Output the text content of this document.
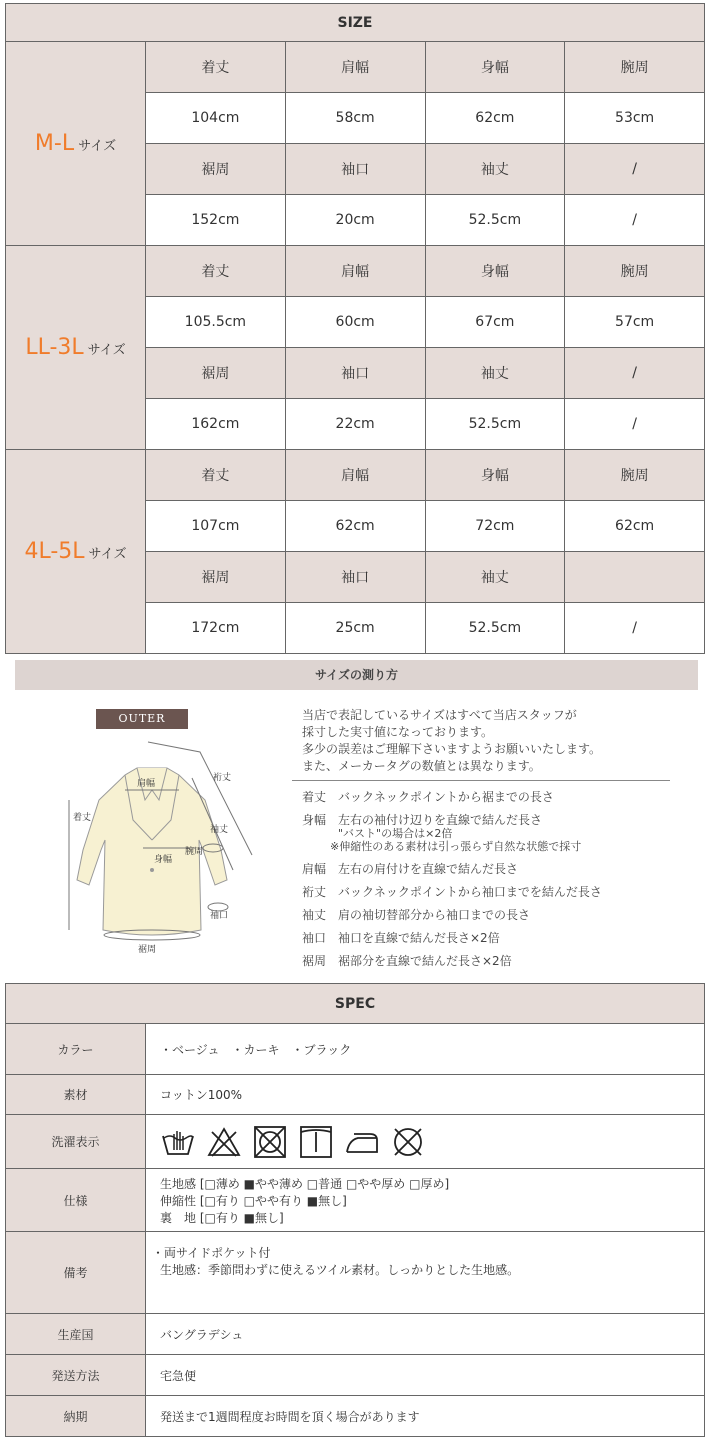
SIZE				
M-L サイズ	着丈	肩幅	身幅	腕周
	104cm	58cm	62cm	53cm
	裾周	袖口	袖丈	/
	152cm	20cm	52.5cm	/
LL-3L サイズ	着丈	肩幅	身幅	腕周
	105.5cm	60cm	67cm	57cm
	裾周	袖口	袖丈	/
	162cm	22cm	52.5cm	/
4L-5L サイズ	着丈	肩幅	身幅	腕周
	107cm	62cm	72cm	62cm
	裾周	袖口	袖丈	
	172cm	25cm	52.5cm	/
サイズの測り方
OUTER
着丈
肩幅
裄丈
袖丈
腕周
身幅
袖口
裾周
当店で表記しているサイズはすべて当店スタッフが
採寸した実寸値になっております。
多少の誤差はご理解下さいますようお願いいたします。
また、メーカータグの数値とは異なります。
着丈 バックネックポイントから裾までの長さ
身幅 左右の袖付け辺りを直線で結んだ長さ
"バスト"の場合は×2倍
※伸縮性のある素材は引っ張らず自然な状態で採寸
肩幅 左右の肩付けを直線で結んだ長さ
裄丈 バックネックポイントから袖口までを結んだ長さ
袖丈 肩の袖切替部分から袖口までの長さ
袖口 袖口を直線で結んだ長さ×2倍
裾周 裾部分を直線で結んだ長さ×2倍
SPEC	
カラー	・ベージュ　・カーキ　・ブラック
素材	コットン100%
洗濯表示	

仕様	生地感 [□薄め ■やや薄め □普通 □やや厚め □厚め]
伸縮性 [□有り □やや有り ■無し]
裏　地 [□有り ■無し]

備考	・両サイドポケット付
生地感：季節問わずに使えるツイル素材。しっかりとした生地感。

生産国	バングラデシュ
発送方法	宅急便
納期	発送まで1週間程度お時間を頂く場合があります
